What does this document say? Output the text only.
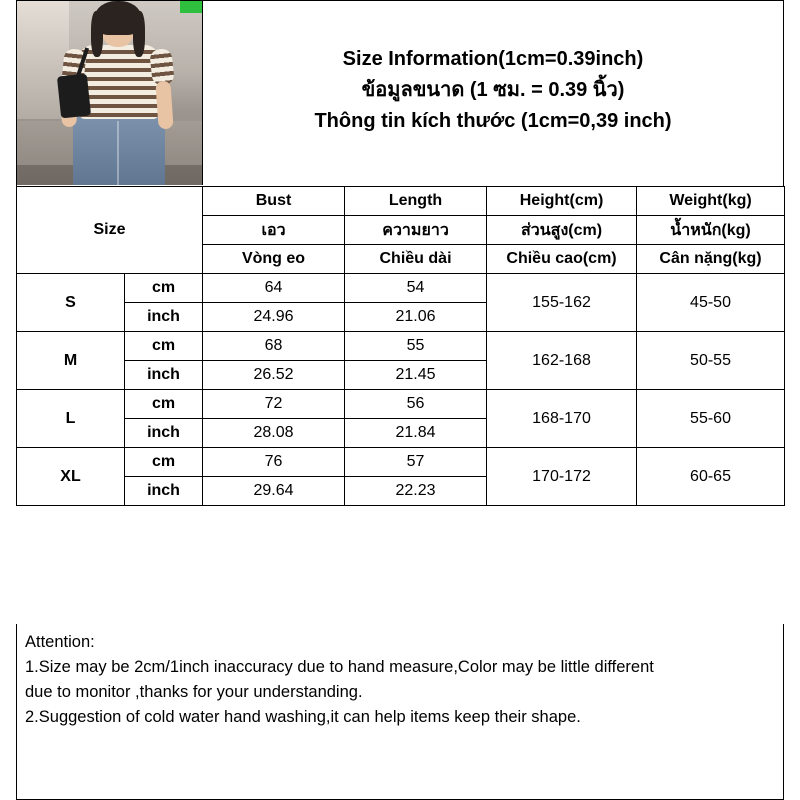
Size Information(1cm=0.39inch)
ข้อมูลขนาด (1 ซม. = 0.39 นิ้ว)
Thông tin kích thước (1cm=0,39 inch)
Size		Bust	Length	Height(cm)	Weight(kg)
		เอว	ความยาว	ส่วนสูง(cm)	น้ำหนัก(kg)
		Vòng eo	Chiều dài	Chiều cao(cm)	Cân nặng(kg)
S	cm	64	54	155-162	45-50
	inch	24.96	21.06		
M	cm	68	55	162-168	50-55
	inch	26.52	21.45		
L	cm	72	56	168-170	55-60
	inch	28.08	21.84		
XL	cm	76	57	170-172	60-65
	inch	29.64	22.23		

Attention:

1.Size may be 2cm/1inch inaccuracy due to hand measure,Color may be little different

due to monitor ,thanks for your understanding.

2.Suggestion of cold water hand washing,it can help items keep their shape.
